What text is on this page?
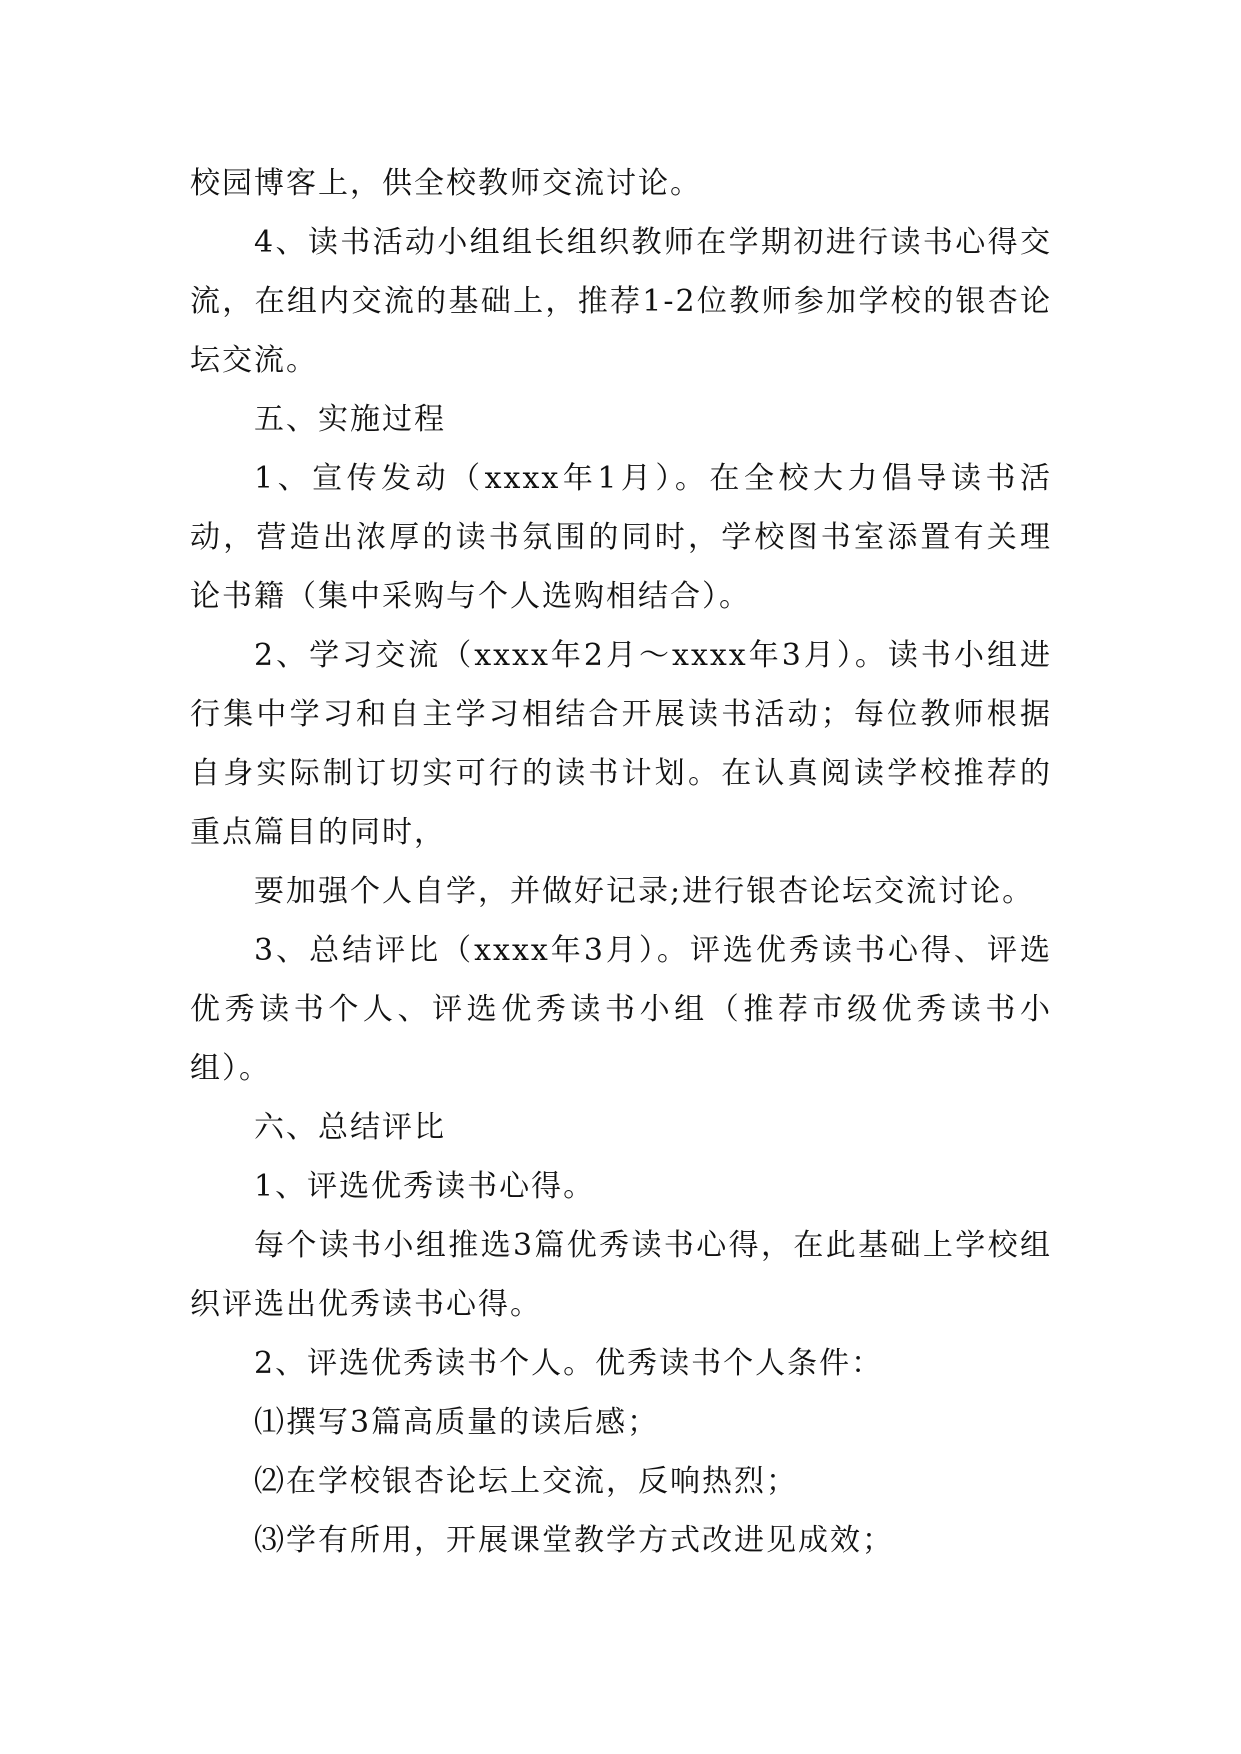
校园博客上，供全校教师交流讨论。

4、读书活动小组组长组织教师在学期初进行读书心得交流，在组内交流的基础上，推荐1-2位教师参加学校的银杏论坛交流。

五、实施过程

1、宣传发动（xxxx年1月）。在全校大力倡导读书活动，营造出浓厚的读书氛围的同时，学校图书室添置有关理论书籍（集中采购与个人选购相结合）。

2、学习交流（xxxx年2月～xxxx年3月）。读书小组进行集中学习和自主学习相结合开展读书活动；每位教师根据自身实际制订切实可行的读书计划。在认真阅读学校推荐的重点篇目的同时，

要加强个人自学，并做好记录;进行银杏论坛交流讨论。

3、总结评比（xxxx年3月）。评选优秀读书心得、评选优秀读书个人、评选优秀读书小组（推荐市级优秀读书小组）。

六、总结评比

1、评选优秀读书心得。

每个读书小组推选3篇优秀读书心得，在此基础上学校组织评选出优秀读书心得。

2、评选优秀读书个人。优秀读书个人条件：

⑴撰写3篇高质量的读后感；

⑵在学校银杏论坛上交流，反响热烈；

⑶学有所用，开展课堂教学方式改进见成效；
